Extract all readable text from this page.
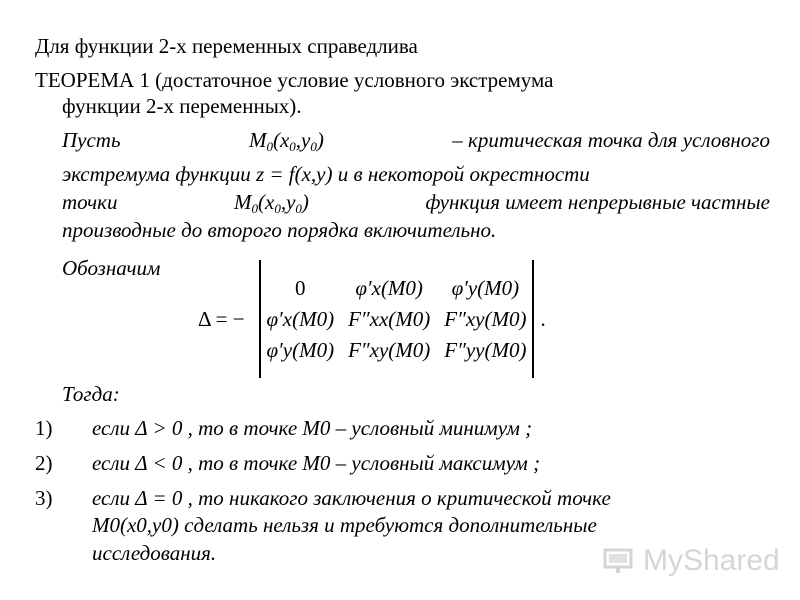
Для функции 2-х переменных справедлива
ТЕОРЕМА 1 (достаточное условие условного экстремума
функции 2-х переменных).
Пусть	$M_0(x_0,y_0)$	– критическая точка для условного
экстремума функции z = f(x,y) и в некоторой окрестности
точки	$M_0(x_0,y_0)$	функция имеет непрерывные частные
производные до второго порядка включительно.
Обозначим
Δ = −
0	φ′x(M0)	φ′y(M0)
φ′x(M0) F″xx(M0) F″xy(M0)
φ′y(M0) F″xy(M0) F″yy(M0)
.
Тогда:
1) если Δ > 0 , то в точке M0 – условный минимум ;
2) если Δ < 0 , то в точке M0 – условный максимум ;
3) если Δ = 0 , то никакого заключения о критической точке
M0(x0,y0) сделать нельзя и требуются дополнительные
исследования.	MyShared
